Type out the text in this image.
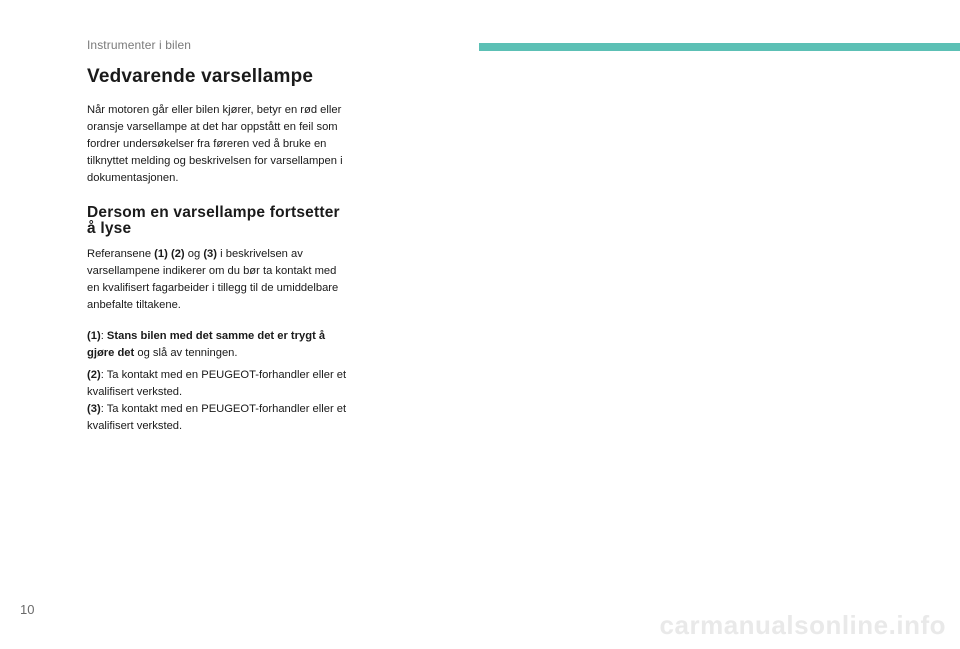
Instrumenter i bilen
Vedvarende varsellampe

Når motoren går eller bilen kjører, betyr en rød eller oransje varsellampe at det har oppstått en feil som fordrer undersøkelser fra føreren ved å bruke en tilknyttet melding og beskrivelsen for varsellampen i dokumentasjonen.

Dersom en varsellampe fortsetter å lyse

Referansene (1) (2) og (3) i beskrivelsen av varsellampene indikerer om du bør ta kontakt med en kvalifisert fagarbeider i tillegg til de umiddelbare anbefalte tiltakene.

(1): Stans bilen med det samme det er trygt å gjøre det og slå av tenningen.

(2): Ta kontakt med en PEUGEOT-forhandler eller et kvalifisert verksted.

(3): Ta kontakt med en PEUGEOT-forhandler eller et kvalifisert verksted.

10
carmanualsonline.info
